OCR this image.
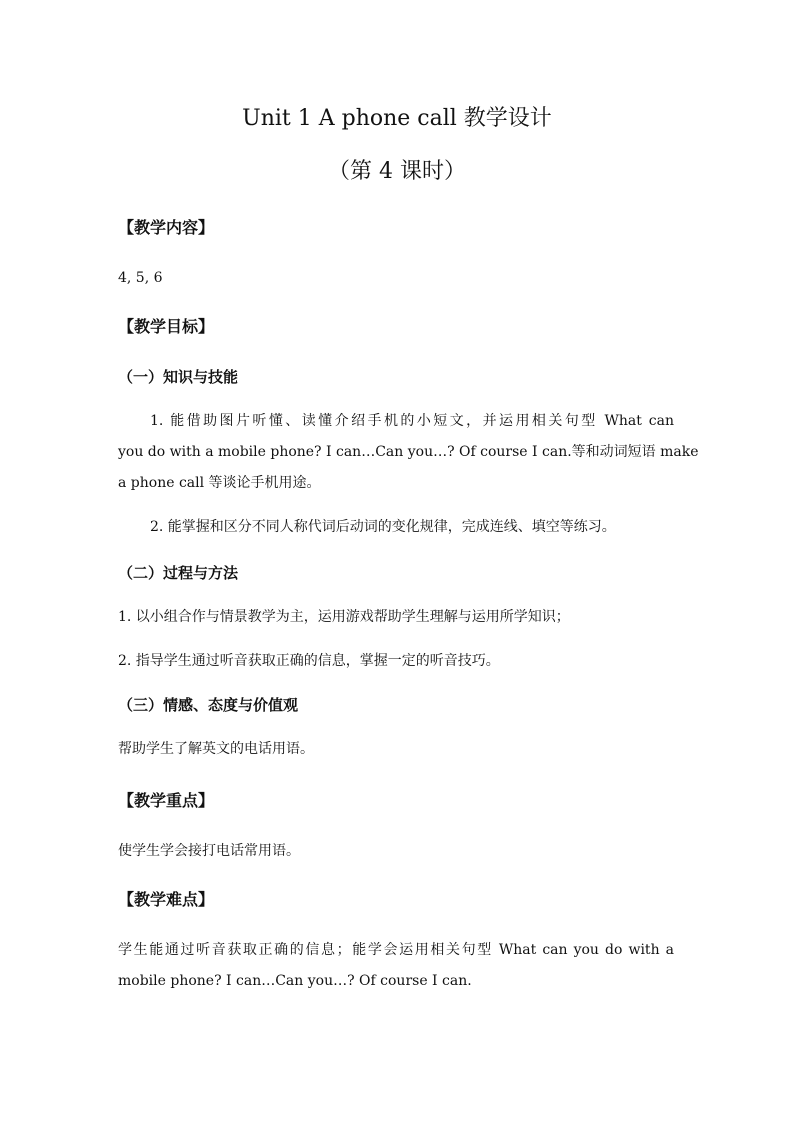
Unit 1 A phone call 教学设计
（第 4 课时）
【教学内容】
4, 5, 6
【教学目标】
（一）知识与技能
1. 能借助图片听懂、读懂介绍手机的小短文，并运用相关句型 What can
you do with a mobile phone? I can…Can you…? Of course I can.等和动词短语 make
a phone call 等谈论手机用途。
2. 能掌握和区分不同人称代词后动词的变化规律，完成连线、填空等练习。
（二）过程与方法
1. 以小组合作与情景教学为主，运用游戏帮助学生理解与运用所学知识；
2. 指导学生通过听音获取正确的信息，掌握一定的听音技巧。
（三）情感、态度与价值观
帮助学生了解英文的电话用语。
【教学重点】
使学生学会接打电话常用语。
【教学难点】
学生能通过听音获取正确的信息；能学会运用相关句型 What can you do with a
mobile phone? I can…Can you…? Of course I can.
